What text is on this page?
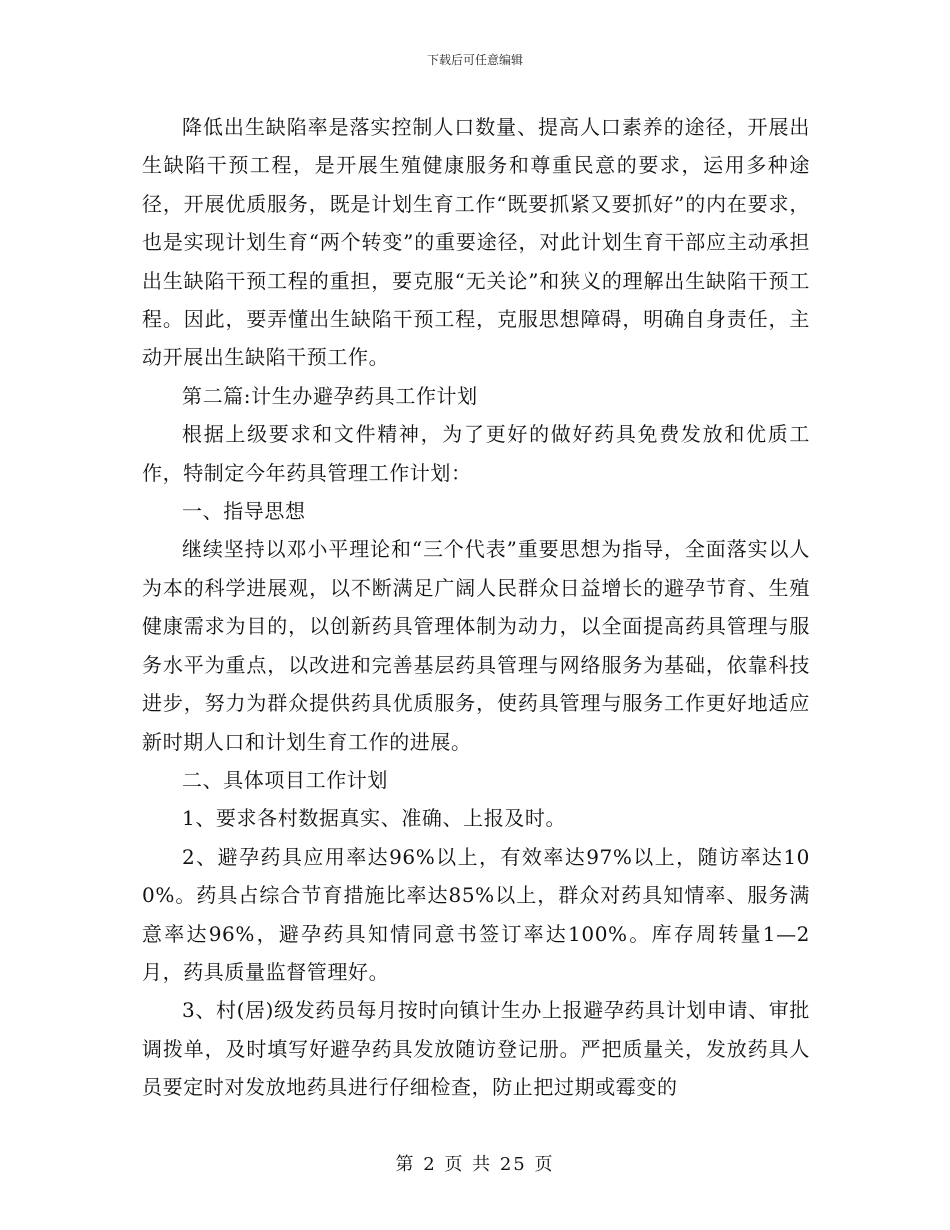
下载后可任意编辑

降低出生缺陷率是落实控制人口数量、提高人口素养的途径，开展出生缺陷干预工程，是开展生殖健康服务和尊重民意的要求，运用多种途径，开展优质服务，既是计划生育工作“既要抓紧又要抓好”的内在要求，也是实现计划生育“两个转变”的重要途径，对此计划生育干部应主动承担出生缺陷干预工程的重担，要克服“无关论”和狭义的理解出生缺陷干预工程。因此，要弄懂出生缺陷干预工程，克服思想障碍，明确自身责任，主动开展出生缺陷干预工作。

第二篇:计生办避孕药具工作计划

根据上级要求和文件精神，为了更好的做好药具免费发放和优质工作，特制定今年药具管理工作计划：

一、指导思想

继续坚持以邓小平理论和“三个代表”重要思想为指导，全面落实以人为本的科学进展观，以不断满足广阔人民群众日益增长的避孕节育、生殖健康需求为目的，以创新药具管理体制为动力，以全面提高药具管理与服务水平为重点，以改进和完善基层药具管理与网络服务为基础，依靠科技进步，努力为群众提供药具优质服务，使药具管理与服务工作更好地适应新时期人口和计划生育工作的进展。

二、具体项目工作计划

1、要求各村数据真实、准确、上报及时。

2、避孕药具应用率达96%以上，有效率达97%以上，随访率达100%。药具占综合节育措施比率达85%以上，群众对药具知情率、服务满意率达96%，避孕药具知情同意书签订率达100%。库存周转量1—2月，药具质量监督管理好。

3、村(居)级发药员每月按时向镇计生办上报避孕药具计划申请、审批调拨单，及时填写好避孕药具发放随访登记册。严把质量关，发放药具人员要定时对发放地药具进行仔细检查，防止把过期或霉变的

第 2 页 共 25 页
